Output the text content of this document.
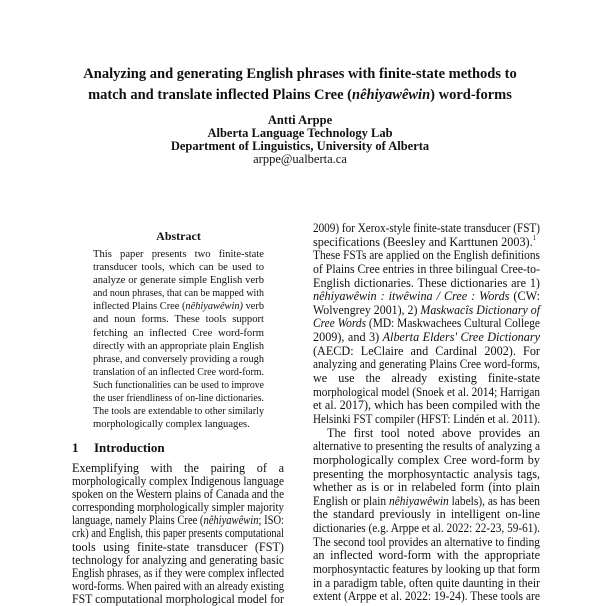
Analyzing and generating English phrases with finite-state methods to
match and translate inflected Plains Cree (nêhiyawêwin) word-forms
Antti Arppe
Alberta Language Technology Lab
Department of Linguistics, University of Alberta
arppe@ualberta.ca
Abstract
This paper presents two finite-state
transducer tools, which can be used to
analyze or generate simple English verb
and noun phrases, that can be mapped with
inflected Plains Cree (nêhiyawêwin) verb
and noun forms. These tools support
fetching an inflected Cree word-form
directly with an appropriate plain English
phrase, and conversely providing a rough
translation of an inflected Cree word-form.
Such functionalities can be used to improve
the user friendliness of on-line dictionaries.
The tools are extendable to other similarly
morphologically complex languages.
1 Introduction
Exemplifying with the pairing of a
morphologically complex Indigenous language
spoken on the Western plains of Canada and the
corresponding morphologically simpler majority
language, namely Plains Cree (nêhiyawêwin; ISO:
crk) and English, this paper presents computational
tools using finite-state transducer (FST)
technology for analyzing and generating basic
English phrases, as if they were complex inflected
word-forms. When paired with an already existing
FST computational morphological model for
2009) for Xerox-style finite-state transducer (FST)
specifications (Beesley and Karttunen 2003).$^1$
These FSTs are applied on the English definitions
of Plains Cree entries in three bilingual Cree-to-
English dictionaries. These dictionaries are 1)
nêhiyawêwin : itwêwina / Cree : Words (CW:
Wolvengrey 2001), 2) Maskwacîs Dictionary of
Cree Words (MD: Maskwachees Cultural College
2009), and 3) Alberta Elders' Cree Dictionary
(AECD: LeClaire and Cardinal 2002). For
analyzing and generating Plains Cree word-forms,
we use the already existing finite-state
morphological model (Snoek et al. 2014; Harrigan
et al. 2017), which has been compiled with the
Helsinki FST compiler (HFST: Lindén et al. 2011).
The first tool noted above provides an
alternative to presenting the results of analyzing a
morphologically complex Cree word-form by
presenting the morphosyntactic analysis tags,
whether as is or in relabeled form (into plain
English or plain nêhiyawêwin labels), as has been
the standard previously in intelligent on-line
dictionaries (e.g. Arppe et al. 2022: 22-23, 59-61).
The second tool provides an alternative to finding
an inflected word-form with the appropriate
morphosyntactic features by looking up that form
in a paradigm table, often quite daunting in their
extent (Arppe et al. 2022: 19-24). These tools are
